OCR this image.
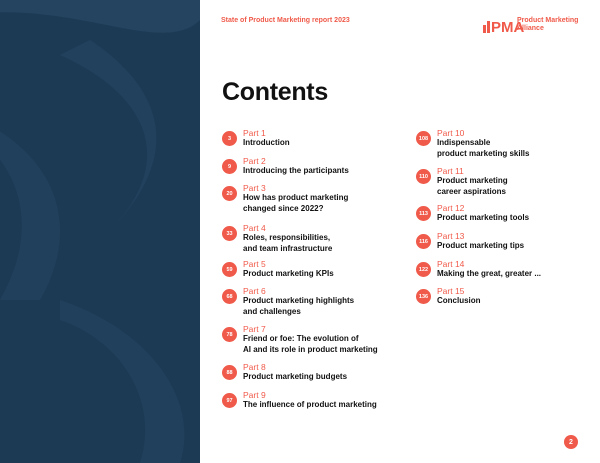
State of Product Marketing report 2023	PMA
Product Marketing
Alliance
Contents
3
Part 1
Introduction
9
Part 2
Introducing the participants
20
Part 3
How has product marketing
changed since 2022?
33
Part 4
Roles, responsibilities,
and team infrastructure
59
Part 5
Product marketing KPIs
68
Part 6
Product marketing highlights
and challenges
78
Part 7
Friend or foe: The evolution of
AI and its role in product marketing
88
Part 8
Product marketing budgets
97
Part 9
The influence of product marketing
108
Part 10
Indispensable
product marketing skills
110
Part 11
Product marketing
career aspirations
113
Part 12
Product marketing tools
116
Part 13
Product marketing tips
122
Part 14
Making the great, greater ...
136
Part 15
Conclusion
2
